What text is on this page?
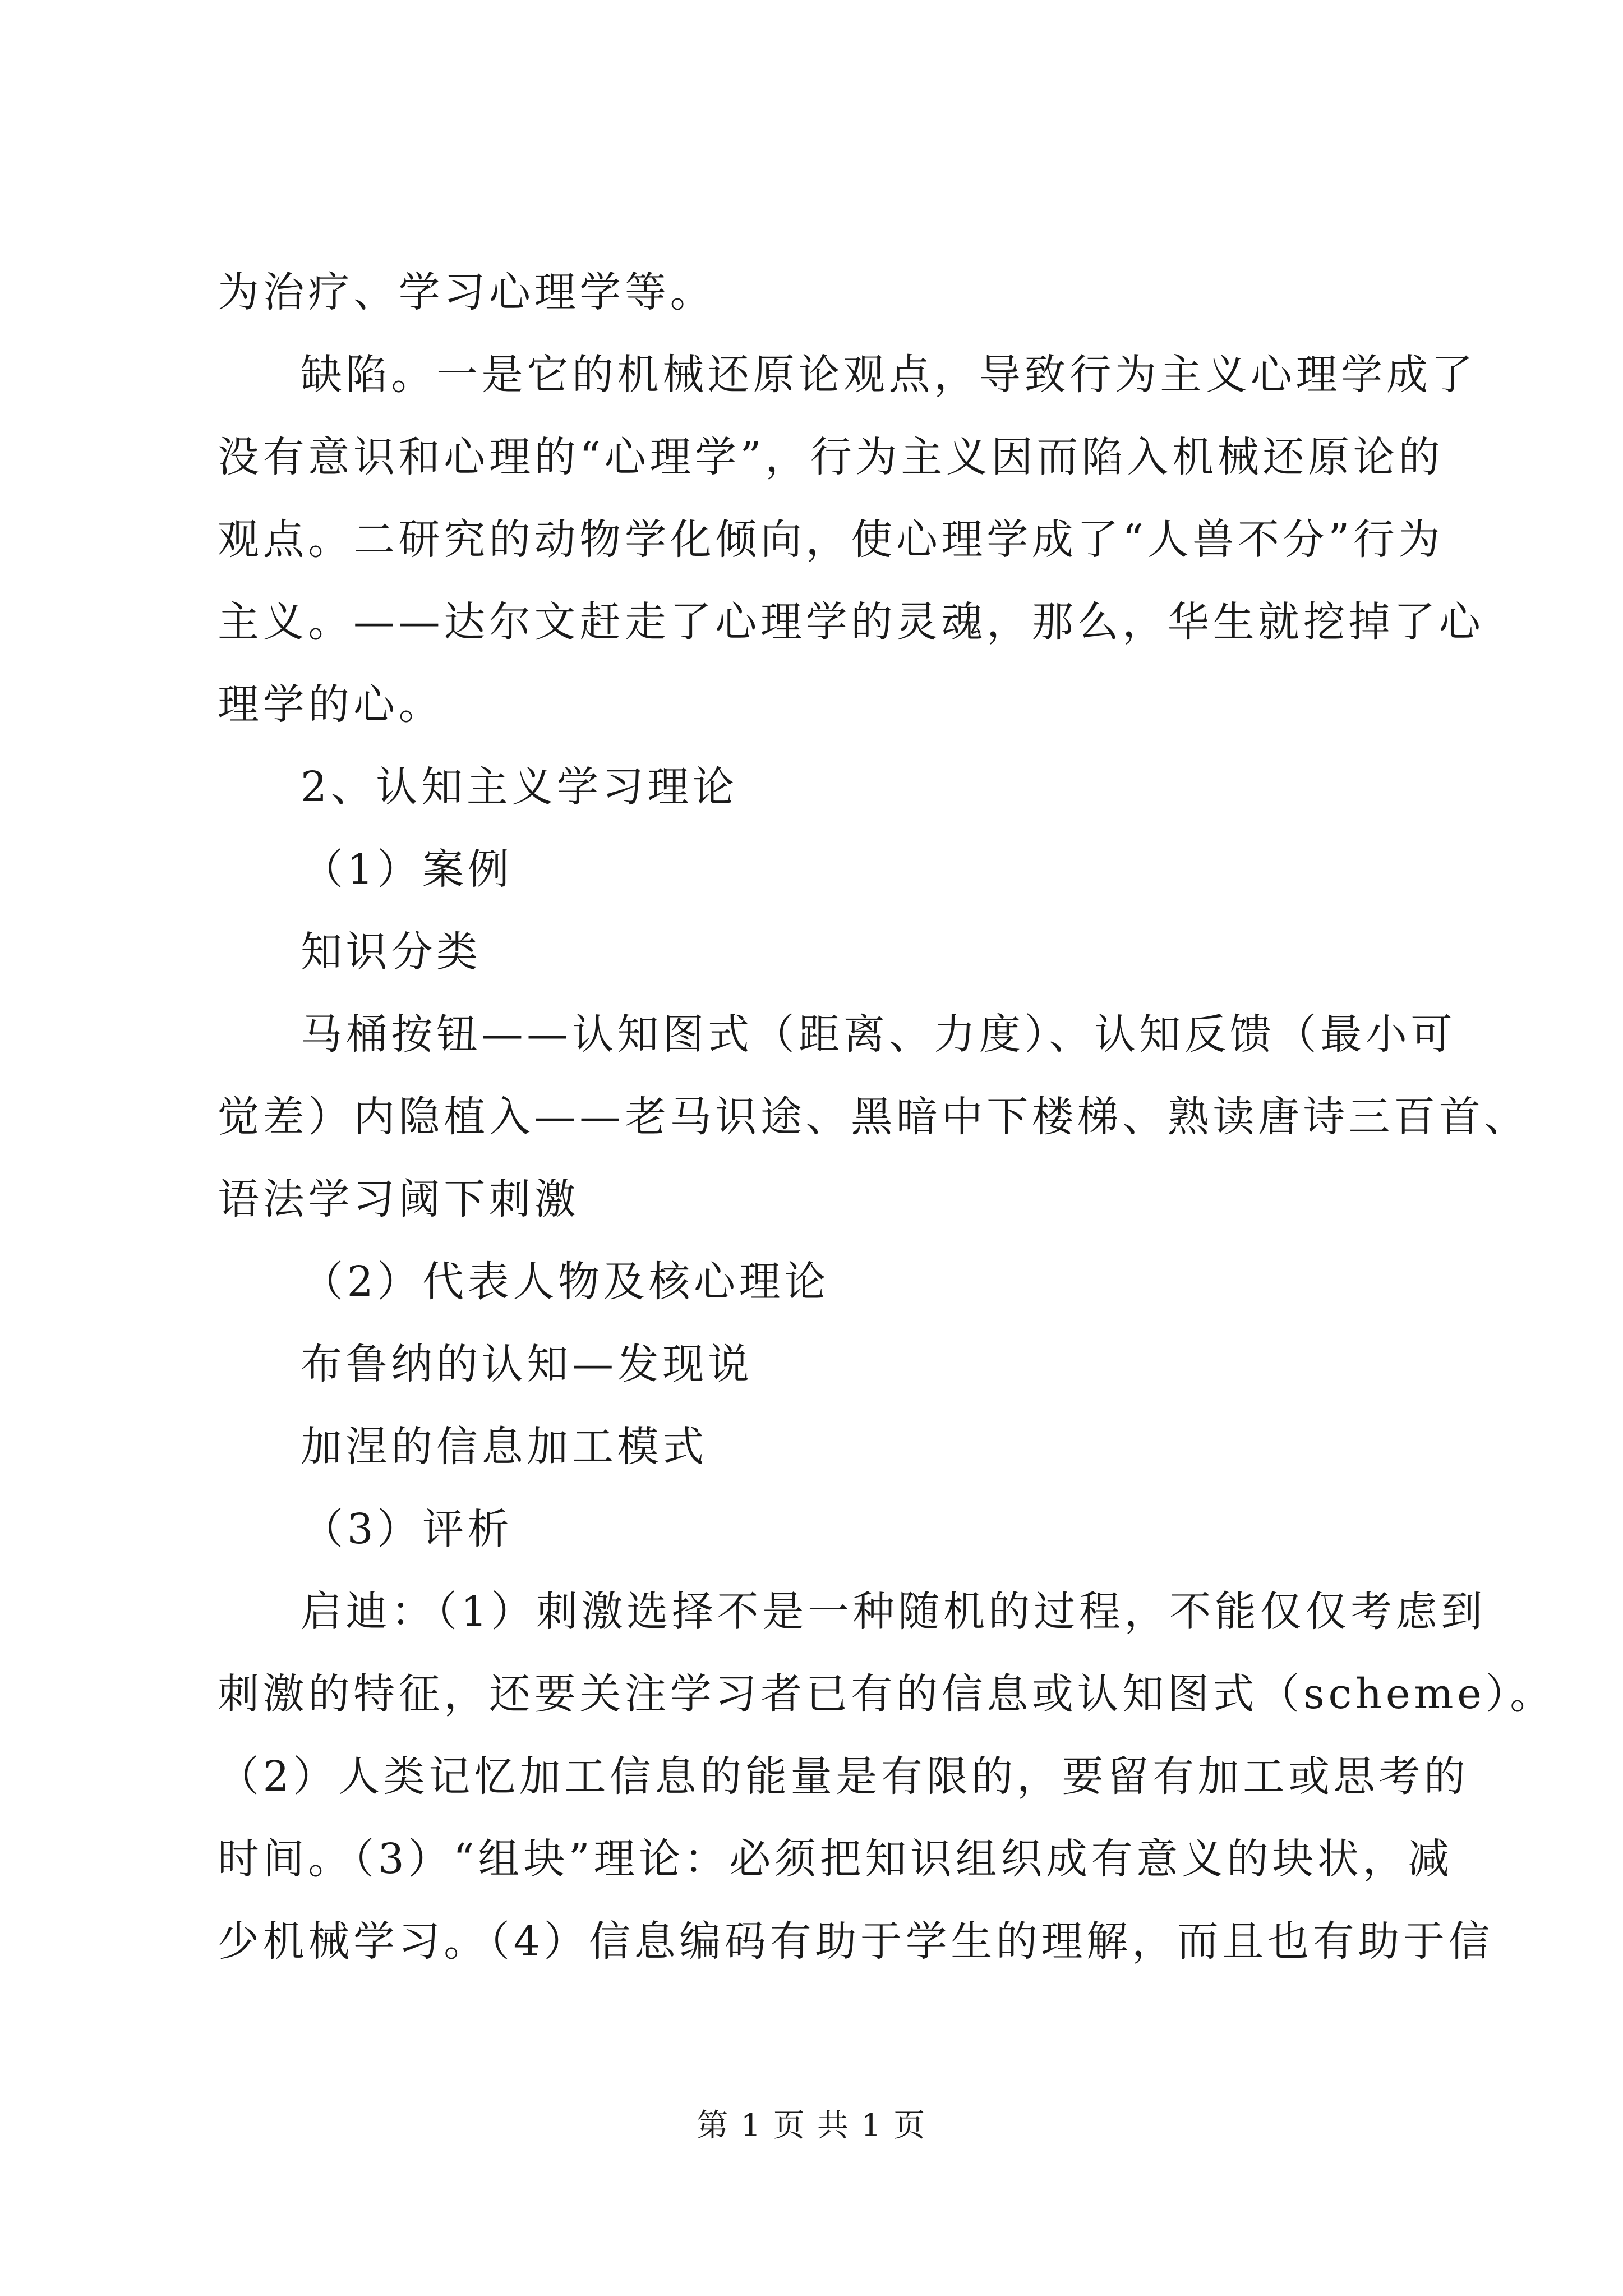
为治疗、学习心理学等。
缺陷。一是它的机械还原论观点，导致行为主义心理学成了
没有意识和心理的“心理学”，行为主义因而陷入机械还原论的
观点。二研究的动物学化倾向，使心理学成了“人兽不分”行为
主义。——达尔文赶走了心理学的灵魂，那么，华生就挖掉了心
理学的心。
2、认知主义学习理论
（1）案例
知识分类
马桶按钮——认知图式（距离、力度）、认知反馈（最小可
觉差）内隐植入——老马识途、黑暗中下楼梯、熟读唐诗三百首、
语法学习阈下刺激
（2）代表人物及核心理论
布鲁纳的认知—发现说
加涅的信息加工模式
（3）评析
启迪：（1）刺激选择不是一种随机的过程，不能仅仅考虑到
刺激的特征，还要关注学习者已有的信息或认知图式（scheme）。
（2）人类记忆加工信息的能量是有限的，要留有加工或思考的
时间。（3）“组块”理论：必须把知识组织成有意义的块状，减
少机械学习。（4）信息编码有助于学生的理解，而且也有助于信
第 1 页 共 1 页
